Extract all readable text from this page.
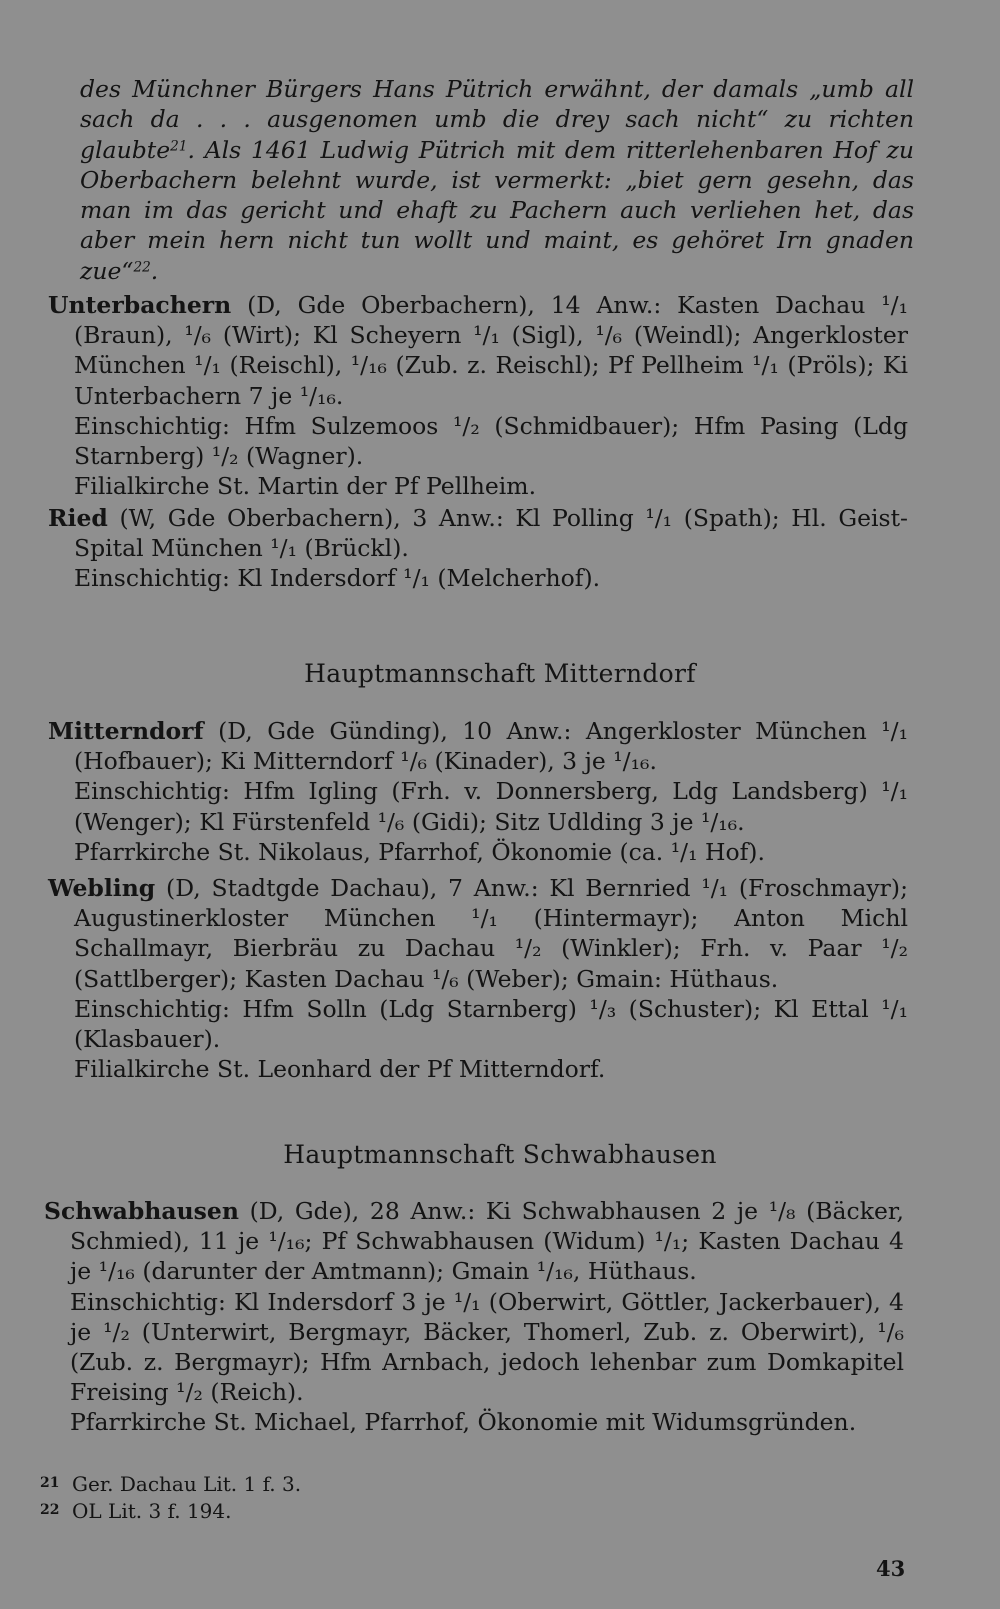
des Münchner Bürgers Hans Pütrich erwähnt, der damals „umb all sach da . . . ausgenomen umb die drey sach nicht“ zu richten glaubte$^{21}$. Als 1461 Ludwig Pütrich mit dem ritterlehenbaren Hof zu Oberbachern belehnt wurde, ist vermerkt: „biet gern gesehn, das man im das gericht und ehaft zu Pachern auch verliehen het, das aber mein hern nicht tun wollt und maint, es gehöret Irn gnaden zue“$^{22}$.

Unterbachern (D, Gde Oberbachern), 14 Anw.: Kasten Dachau ¹/₁ (Braun), ¹/₆ (Wirt); Kl Scheyern ¹/₁ (Sigl), ¹/₆ (Weindl); Angerkloster München ¹/₁ (Reischl), ¹/₁₆ (Zub. z. Reischl); Pf Pellheim ¹/₁ (Pröls); Ki Unterbachern 7 je ¹/₁₆.

Einschichtig: Hfm Sulzemoos ¹/₂ (Schmidbauer); Hfm Pasing (Ldg Starnberg) ¹/₂ (Wagner).

Filialkirche St. Martin der Pf Pellheim.

Ried (W, Gde Oberbachern), 3 Anw.: Kl Polling ¹/₁ (Spath); Hl. Geist-Spital München ¹/₁ (Brückl).

Einschichtig: Kl Indersdorf ¹/₁ (Melcherhof).

Hauptmannschaft Mitterndorf

Mitterndorf (D, Gde Günding), 10 Anw.: Angerkloster München ¹/₁ (Hofbauer); Ki Mitterndorf ¹/₆ (Kinader), 3 je ¹/₁₆.

Einschichtig: Hfm Igling (Frh. v. Donnersberg, Ldg Landsberg) ¹/₁ (Wenger); Kl Fürstenfeld ¹/₆ (Gidi); Sitz Udlding 3 je ¹/₁₆.

Pfarrkirche St. Nikolaus, Pfarrhof, Ökonomie (ca. ¹/₁ Hof).

Webling (D, Stadtgde Dachau), 7 Anw.: Kl Bernried ¹/₁ (Froschmayr); Augustinerkloster München ¹/₁ (Hintermayr); Anton Michl Schallmayr, Bierbräu zu Dachau ¹/₂ (Winkler); Frh. v. Paar ¹/₂ (Sattlberger); Kasten Dachau ¹/₆ (Weber); Gmain: Hüthaus.

Einschichtig: Hfm Solln (Ldg Starnberg) ¹/₃ (Schuster); Kl Ettal ¹/₁ (Klasbauer).

Filialkirche St. Leonhard der Pf Mitterndorf.

Hauptmannschaft Schwabhausen

Schwabhausen (D, Gde), 28 Anw.: Ki Schwabhausen 2 je ¹/₈ (Bäcker, Schmied), 11 je ¹/₁₆; Pf Schwabhausen (Widum) ¹/₁; Kasten Dachau 4 je ¹/₁₆ (darunter der Amtmann); Gmain ¹/₁₆, Hüthaus.

Einschichtig: Kl Indersdorf 3 je ¹/₁ (Oberwirt, Göttler, Jackerbauer), 4 je ¹/₂ (Unterwirt, Bergmayr, Bäcker, Thomerl, Zub. z. Oberwirt), ¹/₆ (Zub. z. Bergmayr); Hfm Arnbach, jedoch lehenbar zum Domkapitel Freising ¹/₂ (Reich).

Pfarrkirche St. Michael, Pfarrhof, Ökonomie mit Widumsgründen.

21 Ger. Dachau Lit. 1 f. 3.
22 OL Lit. 3 f. 194.
43
